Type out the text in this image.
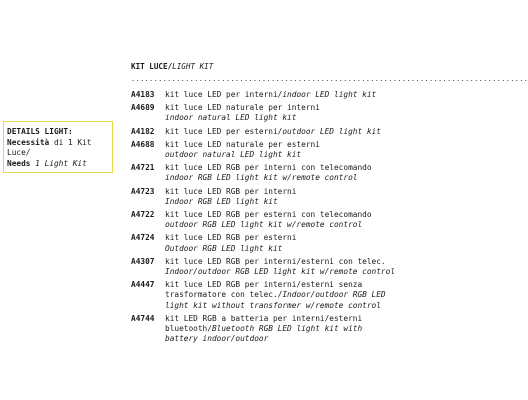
DETAILS LIGHT:
Necessità di 1 Kit
Luce/
Needs 1 Light Kit
KIT LUCE/LIGHT KIT
........................................................................................
A4183 kit luce LED per interni/indoor LED light kit
A4689 kit luce LED naturale per interni
indoor natural LED light kit
A4182 kit luce LED per esterni/outdoor LED light kit
A4688 kit luce LED naturale per esterni
outdoor natural LED light kit
A4721 kit luce LED RGB per interni con telecomando
indoor RGB LED light kit w/remote control
A4723 kit luce LED RGB per interni
Indoor RGB LED light kit
A4722 kit luce LED RGB per esterni con telecomando
outdoor RGB LED light kit w/remote control
A4724 kit luce LED RGB per esterni
Outdoor RGB LED light kit
A4307 kit luce LED RGB per interni/esterni con telec.
Indoor/outdoor RGB LED light kit w/remote control
A4447 kit luce LED RGB per interni/esterni senza trasformatore con telec./Indoor/outdoor RGB LED light kit without transformer w/remote control
A4744 kit LED RGB a batteria per interni/esterni bluetooth/Bluetooth RGB LED light kit with battery indoor/outdoor
